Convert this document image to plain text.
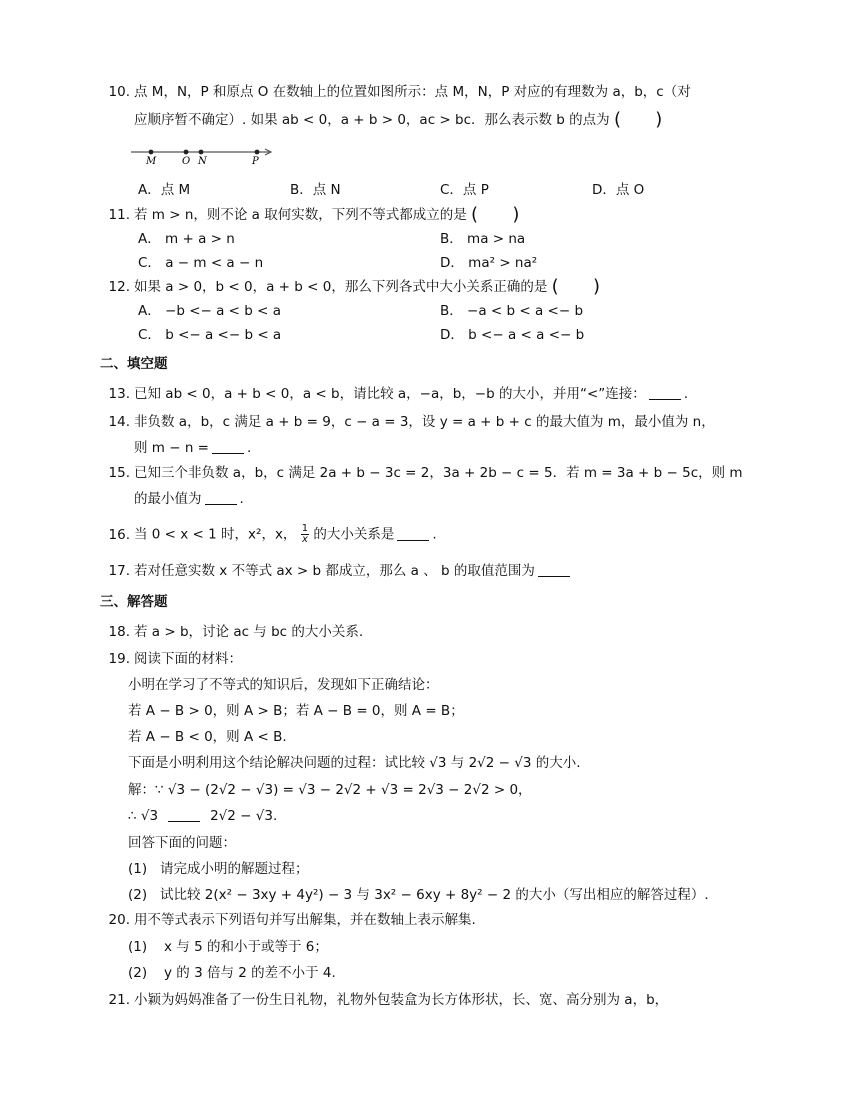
10. 点 M，N，P 和原点 O 在数轴上的位置如图所示：点 M，N，P 对应的有理数为 a，b，c（对
应顺序暂不确定）. 如果 ab < 0，a + b > 0，ac > bc．那么表示数 b 的点为 (      )
M	O N	P
A．点 M	B．点 N	C．点 P	D．点 O
11. 若 m > n，则不论 a 取何实数，下列不等式都成立的是 (      )
A． m + a > n	B． ma > na
C． a − m < a − n	D． ma² > na²
12. 如果 a > 0，b < 0，a + b < 0，那么下列各式中大小关系正确的是 (      )
A． −b <− a < b < a	B． −a < b < a <− b
C． b <− a <− b < a	D． b <− a < a <− b
二、填空题
13. 已知 ab < 0，a + b < 0，a < b，请比较 a，−a，b，−b 的大小，并用“<”连接：	.
14. 非负数 a，b，c 满足 a + b = 9，c − a = 3，设 y = a + b + c 的最大值为 m，最小值为 n，
则 m − n =	.
15. 已知三个非负数 a，b，c 满足 2a + b − 3c = 2，3a + 2b − c = 5．若 m = 3a + b − 5c，则 m
的最小值为	.
16. 当 0 < x < 1 时，x²，x， $\frac{1}{x}$ 的大小关系是	.
17. 若对任意实数 x 不等式 ax > b 都成立，那么 a 、 b 的取值范围为
三、解答题
18. 若 a > b，讨论 ac 与 bc 的大小关系.
19. 阅读下面的材料：
小明在学习了不等式的知识后，发现如下正确结论：
若 A − B > 0，则 A > B；若 A − B = 0，则 A = B；
若 A − B < 0，则 A < B.
下面是小明利用这个结论解决问题的过程：试比较 √3 与 2√2 − √3 的大小.
解：∵ √3 − (2√2 − √3) = √3 − 2√2 + √3 = 2√3 − 2√2 > 0，
∴ √3	2√2 − √3.
回答下面的问题：
(1) 请完成小明的解题过程；
(2) 试比较 2(x² − 3xy + 4y²) − 3 与 3x² − 6xy + 8y² − 2 的大小（写出相应的解答过程）.
20. 用不等式表示下列语句并写出解集，并在数轴上表示解集.
(1) x 与 5 的和小于或等于 6；
(2) y 的 3 倍与 2 的差不小于 4.
21. 小颖为妈妈准备了一份生日礼物，礼物外包装盒为长方体形状，长、宽、高分别为 a，b，
